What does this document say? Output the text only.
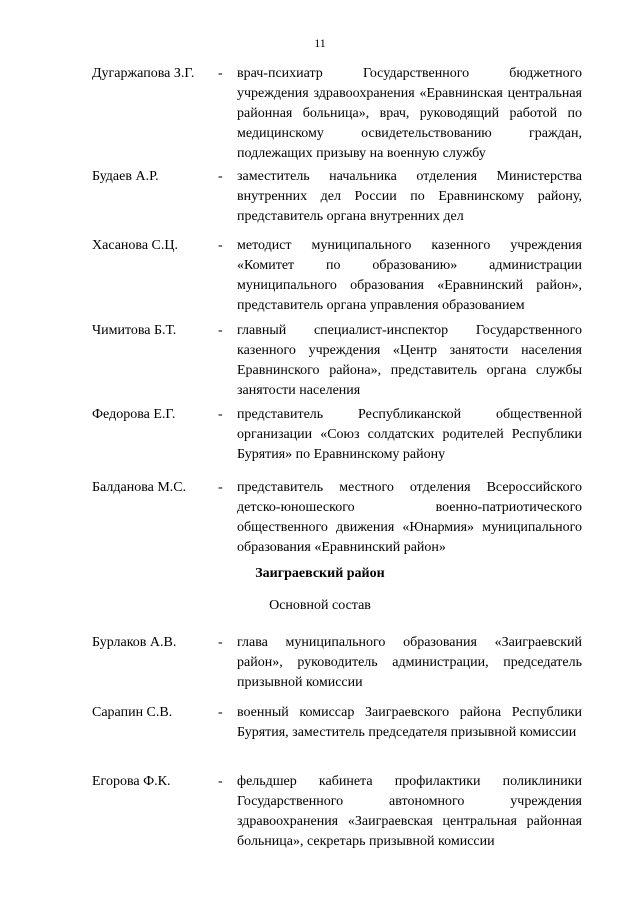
11
Дугаржапова З.Г. - врач-психиатр Государственного бюджетного учреждения здравоохранения «Еравнинская центральная районная больница», врач, руководящий работой по медицинскому освидетельствованию граждан, подлежащих призыву на военную службу
Будаев А.Р.	- заместитель начальника отделения Министерства внутренних дел России по Еравнинскому району, представитель органа внутренних дел
Хасанова С.Ц.	- методист муниципального казенного учреждения «Комитет по образованию» администрации муниципального образования «Еравнинский район», представитель органа управления образованием
Чимитова Б.Т.	- главный специалист-инспектор Государственного казенного учреждения «Центр занятости населения Еравнинского района», представитель органа службы занятости населения
Федорова Е.Г.	- представитель Республиканской общественной организации «Союз солдатских родителей Республики Бурятия» по Еравнинскому району
Балданова М.С. - представитель местного отделения Всероссийского детско-юношеского военно-патриотического общественного движения «Юнармия» муниципального образования «Еравнинский район»
Заиграевский район
Основной состав
Бурлаков А.В.	- глава муниципального образования «Заиграевский район», руководитель администрации, председатель призывной комиссии
Сарапин С.В.	- военный комиссар Заиграевского района Республики Бурятия, заместитель председателя призывной комиссии
Егорова Ф.К.	- фельдшер кабинета профилактики поликлиники Государственного автономного учреждения здравоохранения «Заиграевская центральная районная больница», секретарь призывной комиссии
